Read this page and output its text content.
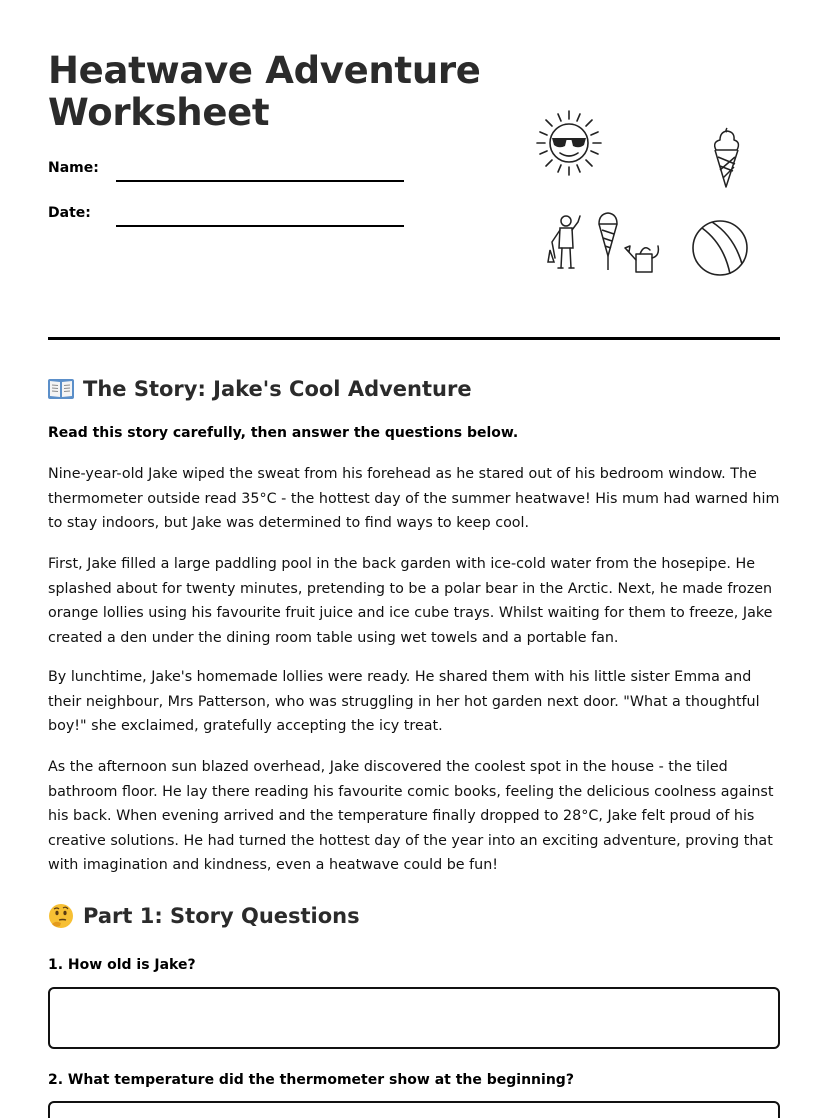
Heatwave Adventure Worksheet
Name:
Date:
The Story: Jake's Cool Adventure
Read this story carefully, then answer the questions below.

Nine-year-old Jake wiped the sweat from his forehead as he stared out of his bedroom window. The thermometer outside read 35°C - the hottest day of the summer heatwave! His mum had warned him to stay indoors, but Jake was determined to find ways to keep cool.

First, Jake filled a large paddling pool in the back garden with ice-cold water from the hosepipe. He splashed about for twenty minutes, pretending to be a polar bear in the Arctic. Next, he made frozen orange lollies using his favourite fruit juice and ice cube trays. Whilst waiting for them to freeze, Jake created a den under the dining room table using wet towels and a portable fan.

By lunchtime, Jake's homemade lollies were ready. He shared them with his little sister Emma and their neighbour, Mrs Patterson, who was struggling in her hot garden next door. "What a thoughtful boy!" she exclaimed, gratefully accepting the icy treat.

As the afternoon sun blazed overhead, Jake discovered the coolest spot in the house - the tiled bathroom floor. He lay there reading his favourite comic books, feeling the delicious coolness against his back. When evening arrived and the temperature finally dropped to 28°C, Jake felt proud of his creative solutions. He had turned the hottest day of the year into an exciting adventure, proving that with imagination and kindness, even a heatwave could be fun!

Part 1: Story Questions
1. How old is Jake?
2. What temperature did the thermometer show at the beginning?
